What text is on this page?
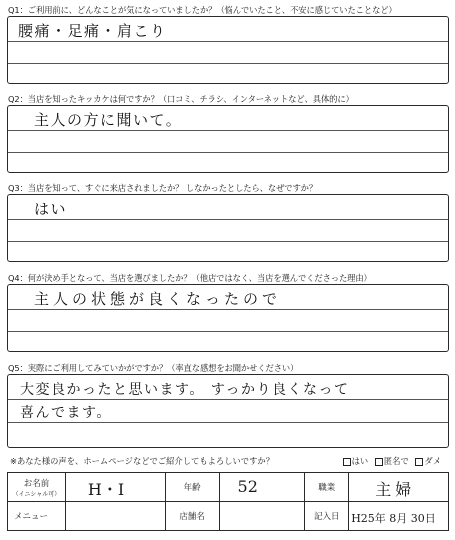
Q1：ご利用前に、どんなことが気になっていましたか？（悩んでいたこと、不安に感じていたことなど）
腰痛・足痛・肩こり
Q2：当店を知ったキッカケは何ですか？（口コミ、チラシ、インターネットなど、具体的に）
主人の方に聞いて。
Q3：当店を知って、すぐに来店されましたか？ しなかったとしたら、なぜですか？
はい
Q4：何が決め手となって、当店を選びましたか？（他店ではなく、当店を選んでくださった理由）
主人の状態が良くなったので
Q5：実際にご利用してみていかがですか？（率直な感想をお聞かせください）
大変良かったと思います。 すっかり良くなって
喜んでます。
※あなた様の声を、ホームページなどでご紹介してもよろしいですか？	はい 匿名で ダメ
お名前
（イニシャル可）	H・I	年齢	52	職業	主婦

メニュー		店舗名		記入日	H25年 8月 30日
